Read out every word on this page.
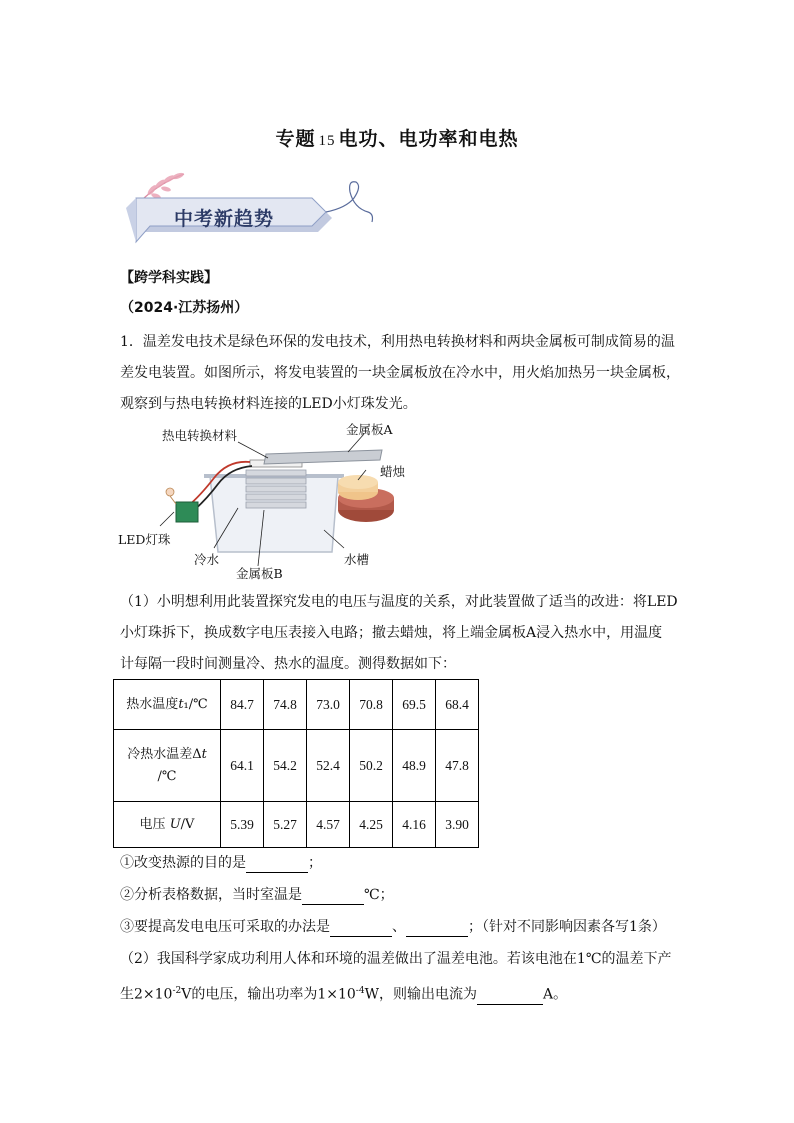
专题 15 电功、电功率和电热
中考新趋势
【跨学科实践】
（2024·江苏扬州）
1．温差发电技术是绿色环保的发电技术，利用热电转换材料和两块金属板可制成简易的温
差发电装置。如图所示，将发电装置的一块金属板放在冷水中，用火焰加热另一块金属板，
观察到与热电转换材料连接的LED小灯珠发光。
热电转换材料	金属板A
蜡烛
LED灯珠
冷水
金属板B
水槽
（1）小明想利用此装置探究发电的电压与温度的关系，对此装置做了适当的改进：将LED
小灯珠拆下，换成数字电压表接入电路；撤去蜡烛，将上端金属板A浸入热水中，用温度
计每隔一段时间测量冷、热水的温度。测得数据如下：
热水温度t₁/℃	84.7	74.8	73.0	70.8	69.5	68.4
冷热水温差Δt
/℃	64.1	54.2	52.4	50.2	48.9	47.8
电压 U/V	5.39	5.27	4.57	4.25	4.16	3.90
①改变热源的目的是	；
②分析表格数据，当时室温是	℃；
③要提高发电电压可采取的办法是	、	；（针对不同影响因素各写1条）
（2）我国科学家成功利用人体和环境的温差做出了温差电池。若该电池在1℃的温差下产
生$2\times 10^{-2}V$的电压，输出功率为$1\times 10^{-4}W$，则输出电流为	A。
